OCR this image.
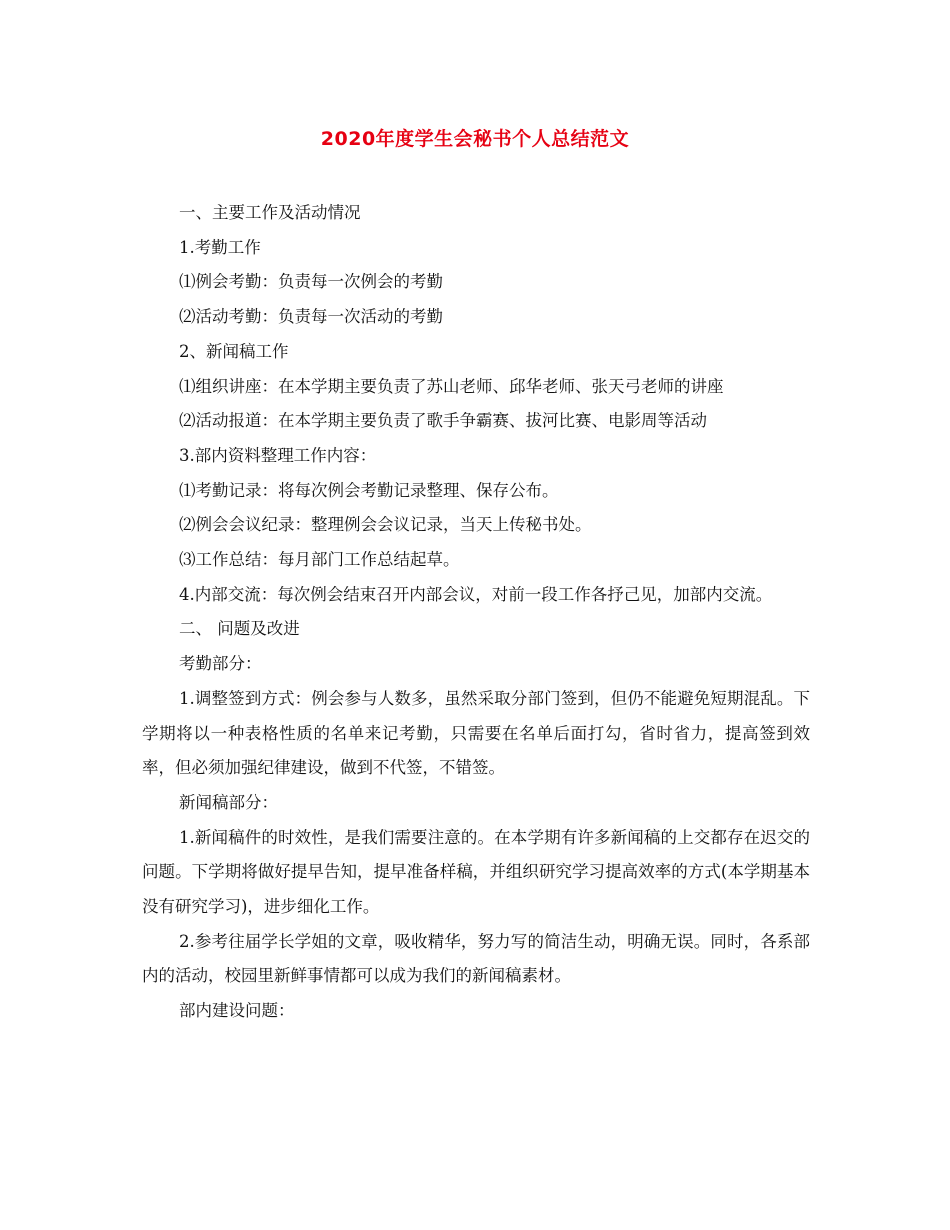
2020年度学生会秘书个人总结范文

一、主要工作及活动情况

1.考勤工作

⑴例会考勤：负责每一次例会的考勤

⑵活动考勤：负责每一次活动的考勤

2、新闻稿工作

⑴组织讲座：在本学期主要负责了苏山老师、邱华老师、张天弓老师的讲座

⑵活动报道：在本学期主要负责了歌手争霸赛、拔河比赛、电影周等活动

3.部内资料整理工作内容：

⑴考勤记录：将每次例会考勤记录整理、保存公布。

⑵例会会议纪录：整理例会会议记录，当天上传秘书处。

⑶工作总结：每月部门工作总结起草。

4.内部交流：每次例会结束召开内部会议，对前一段工作各抒己见，加部内交流。

二、 问题及改进

考勤部分：

1.调整签到方式：例会参与人数多，虽然采取分部门签到，但仍不能避免短期混乱。下学期将以一种表格性质的名单来记考勤，只需要在名单后面打勾，省时省力，提高签到效率，但必须加强纪律建设，做到不代签，不错签。

新闻稿部分：

1.新闻稿件的时效性，是我们需要注意的。在本学期有许多新闻稿的上交都存在迟交的问题。下学期将做好提早告知，提早准备样稿，并组织研究学习提高效率的方式(本学期基本没有研究学习)，进步细化工作。

2.参考往届学长学姐的文章，吸收精华，努力写的简洁生动，明确无误。同时，各系部内的活动，校园里新鲜事情都可以成为我们的新闻稿素材。

部内建设问题：
